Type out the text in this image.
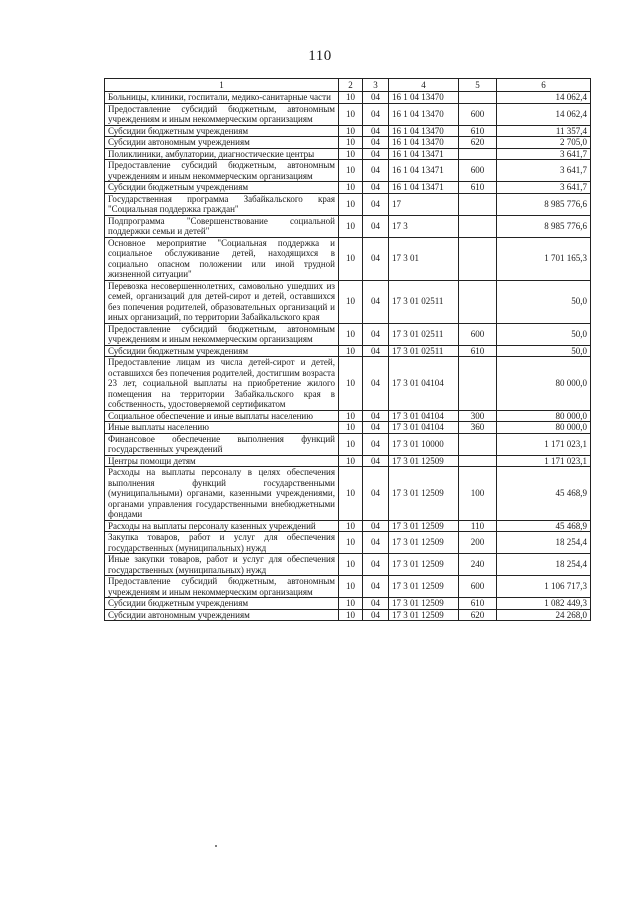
110
1	2	3	4	5	6
Больницы, клиники, госпитали, медико-санитарные части	10	04	16 1 04 13470		14 062,4
Предоставление субсидий бюджетным, автономным учреждениям и иным некоммерческим организациям	10	04	16 1 04 13470	600	14 062,4
Субсидии бюджетным учреждениям	10	04	16 1 04 13470	610	11 357,4
Субсидии автономным учреждениям	10	04	16 1 04 13470	620	2 705,0
Поликлиники, амбулатории, диагностические центры	10	04	16 1 04 13471		3 641,7
Предоставление субсидий бюджетным, автономным учреждениям и иным некоммерческим организациям	10	04	16 1 04 13471	600	3 641,7
Субсидии бюджетным учреждениям	10	04	16 1 04 13471	610	3 641,7
Государственная программа Забайкальского края "Социальная поддержка граждан"	10	04	17		8 985 776,6
Подпрограмма "Совершенствование социальной поддержки семьи и детей"	10	04	17 3		8 985 776,6
Основное мероприятие "Социальная поддержка и социальное обслуживание детей, находящихся в социально опасном положении или иной трудной жизненной ситуации"	10	04	17 3 01		1 701 165,3
Перевозка несовершеннолетних, самовольно ушедших из семей, организаций для детей-сирот и детей, оставшихся без попечения родителей, образовательных организаций и иных организаций, по территории Забайкальского края	10	04	17 3 01 02511		50,0
Предоставление субсидий бюджетным, автономным учреждениям и иным некоммерческим организациям	10	04	17 3 01 02511	600	50,0
Субсидии бюджетным учреждениям	10	04	17 3 01 02511	610	50,0
Предоставление лицам из числа детей-сирот и детей, оставшихся без попечения родителей, достигшим возраста 23 лет, социальной выплаты на приобретение жилого помещения на территории Забайкальского края в собственность, удостоверяемой сертификатом	10	04	17 3 01 04104		80 000,0
Социальное обеспечение и иные выплаты населению	10	04	17 3 01 04104	300	80 000,0
Иные выплаты населению	10	04	17 3 01 04104	360	80 000,0
Финансовое обеспечение выполнения функций государственных учреждений	10	04	17 3 01 10000		1 171 023,1
Центры помощи детям	10	04	17 3 01 12509		1 171 023,1
Расходы на выплаты персоналу в целях обеспечения выполнения функций государственными (муниципальными) органами, казенными учреждениями, органами управления государственными внебюджетными фондами	10	04	17 3 01 12509	100	45 468,9
Расходы на выплаты персоналу казенных учреждений	10	04	17 3 01 12509	110	45 468,9
Закупка товаров, работ и услуг для обеспечения государственных (муниципальных) нужд	10	04	17 3 01 12509	200	18 254,4
Иные закупки товаров, работ и услуг для обеспечения государственных (муниципальных) нужд	10	04	17 3 01 12509	240	18 254,4
Предоставление субсидий бюджетным, автономным учреждениям и иным некоммерческим организациям	10	04	17 3 01 12509	600	1 106 717,3
Субсидии бюджетным учреждениям	10	04	17 3 01 12509	610	1 082 449,3
Субсидии автономным учреждениям	10	04	17 3 01 12509	620	24 268,0
